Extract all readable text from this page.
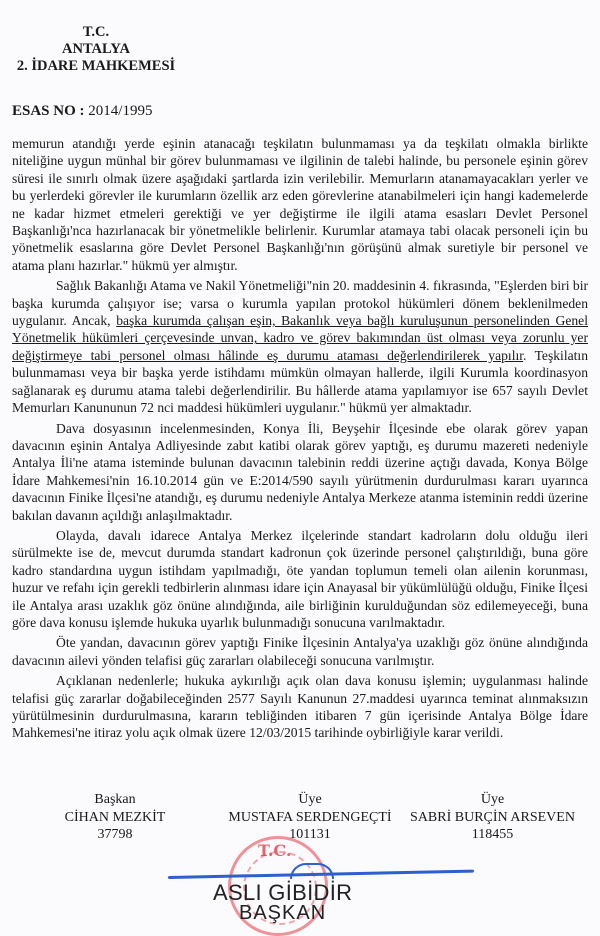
T.C.
ANTALYA
2. İDARE MAHKEMESİ
ESAS NO : 2014/1995

memurun atandığı yerde eşinin atanacağı teşkilatın bulunmaması ya da teşkilatı olmakla birlikte niteliğine uygun münhal bir görev bulunmaması ve ilgilinin de talebi halinde, bu personele eşinin görev süresi ile sınırlı olmak üzere aşağıdaki şartlarda izin verilebilir. Memurların atanamayacakları yerler ve bu yerlerdeki görevler ile kurumların özellik arz eden görevlerine atanabilmeleri için hangi kademelerde ne kadar hizmet etmeleri gerektiği ve yer değiştirme ile ilgili atama esasları Devlet Personel Başkanlığı'nca hazırlanacak bir yönetmelikle belirlenir. Kurumlar atamaya tabi olacak personeli için bu yönetmelik esaslarına göre Devlet Personel Başkanlığı'nın görüşünü almak suretiyle bir personel ve atama planı hazırlar." hükmü yer almıştır.

Sağlık Bakanlığı Atama ve Nakil Yönetmeliği"nin 20. maddesinin 4. fıkrasında, "Eşlerden biri bir başka kurumda çalışıyor ise; varsa o kurumla yapılan protokol hükümleri dönem beklenilmeden uygulanır. Ancak, başka kurumda çalışan eşin, Bakanlık veya bağlı kuruluşunun personelinden Genel Yönetmelik hükümleri çerçevesinde unvan, kadro ve görev bakımından üst olması veya zorunlu yer değiştirmeye tabi personel olması hâlinde eş durumu ataması değerlendirilerek yapılır. Teşkilatın bulunmaması veya bir başka yerde istihdamı mümkün olmayan hallerde, ilgili Kurumla koordinasyon sağlanarak eş durumu atama talebi değerlendirilir. Bu hâllerde atama yapılamıyor ise 657 sayılı Devlet Memurları Kanununun 72 nci maddesi hükümleri uygulanır." hükmü yer almaktadır.

Dava dosyasının incelenmesinden, Konya İli, Beyşehir İlçesinde ebe olarak görev yapan davacının eşinin Antalya Adliyesinde zabıt katibi olarak görev yaptığı, eş durumu mazereti nedeniyle Antalya İli'ne atama isteminde bulunan davacının talebinin reddi üzerine açtığı davada, Konya Bölge İdare Mahkemesi'nin 16.10.2014 gün ve E:2014/590 sayılı yürütmenin durdurulması kararı uyarınca davacının Finike İlçesi'ne atandığı, eş durumu nedeniyle Antalya Merkeze atanma isteminin reddi üzerine bakılan davanın açıldığı anlaşılmaktadır.

Olayda, davalı idarece Antalya Merkez ilçelerinde standart kadroların dolu olduğu ileri sürülmekte ise de, mevcut durumda standart kadronun çok üzerinde personel çalıştırıldığı, buna göre kadro standardına uygun istihdam yapılmadığı, öte yandan toplumun temeli olan ailenin korunması, huzur ve refahı için gerekli tedbirlerin alınması idare için Anayasal bir yükümlülüğü olduğu, Finike İlçesi ile Antalya arası uzaklık göz önüne alındığında, aile birliğinin kurulduğundan söz edilemeyeceği, buna göre dava konusu işlemde hukuka uyarlık bulunmadığı sonucuna varılmaktadır.

Öte yandan, davacının görev yaptığı Finike İlçesinin Antalya'ya uzaklığı göz önüne alındığında davacının ailevi yönden telafisi güç zararları olabileceği sonucuna varılmıştır.

Açıklanan nedenlerle; hukuka aykırılığı açık olan dava konusu işlemin; uygulanması halinde telafisi güç zararlar doğabileceğinden 2577 Sayılı Kanunun 27.maddesi uyarınca teminat alınmaksızın yürütülmesinin durdurulmasına, kararın tebliğinden itibaren 7 gün içerisinde Antalya Bölge İdare Mahkemesi'ne itiraz yolu açık olmak üzere 12/03/2015 tarihinde oybirliğiyle karar verildi.

Başkan
CİHAN MEZKİT
37798
Üye
MUSTAFA SERDENGEÇTİ
101131
Üye
SABRİ BURÇİN ARSEVEN
118455
ASLI GİBİDİR
BAŞKAN
T.C.
